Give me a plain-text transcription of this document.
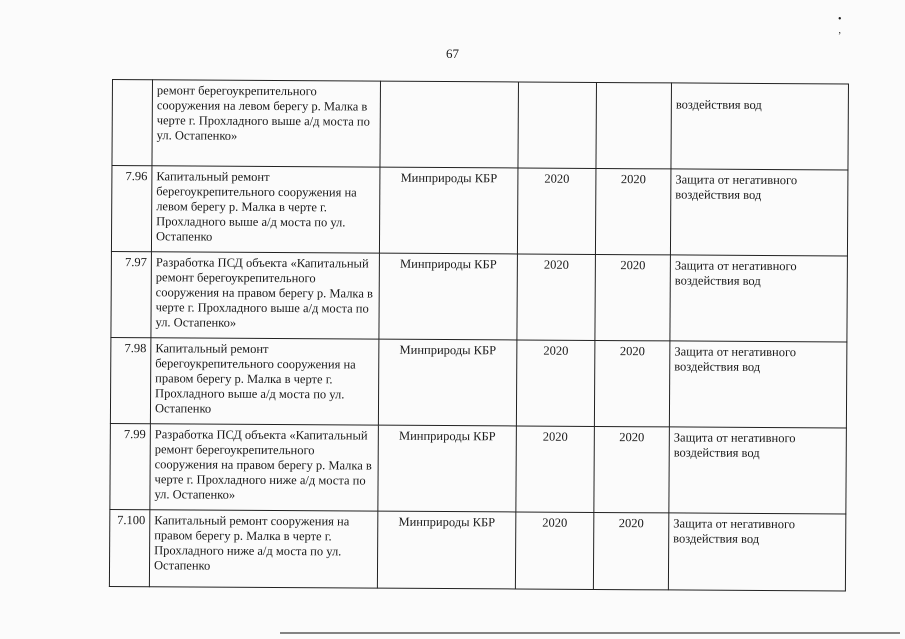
67
• ‚
	ремонт берегоукрепительного сооружения на левом берегу р. Малка в черте г. Прохладного выше а/д моста по ул. Остапенко»				воздействия вод
7.96	Капитальный ремонт берегоукрепительного сооружения на левом берегу р. Малка в черте г. Прохладного выше а/д моста по ул. Остапенко	Минприроды КБР	2020	2020	Защита от негативного воздействия вод
7.97	Разработка ПСД объекта «Капитальный ремонт берегоукрепительного сооружения на правом берегу р. Малка в черте г. Прохладного выше а/д моста по ул. Остапенко»	Минприроды КБР	2020	2020	Защита от негативного воздействия вод
7.98	Капитальный ремонт берегоукрепительного сооружения на правом берегу р. Малка в черте г. Прохладного выше а/д моста по ул. Остапенко	Минприроды КБР	2020	2020	Защита от негативного воздействия вод
7.99	Разработка ПСД объекта «Капитальный ремонт берегоукрепительного сооружения на правом берегу р. Малка в черте г. Прохладного ниже а/д моста по ул. Остапенко»	Минприроды КБР	2020	2020	Защита от негативного воздействия вод
7.100	Капитальный ремонт сооружения на правом берегу р. Малка в черте г. Прохладного ниже а/д моста по ул. Остапенко	Минприроды КБР	2020	2020	Защита от негативного воздействия вод
